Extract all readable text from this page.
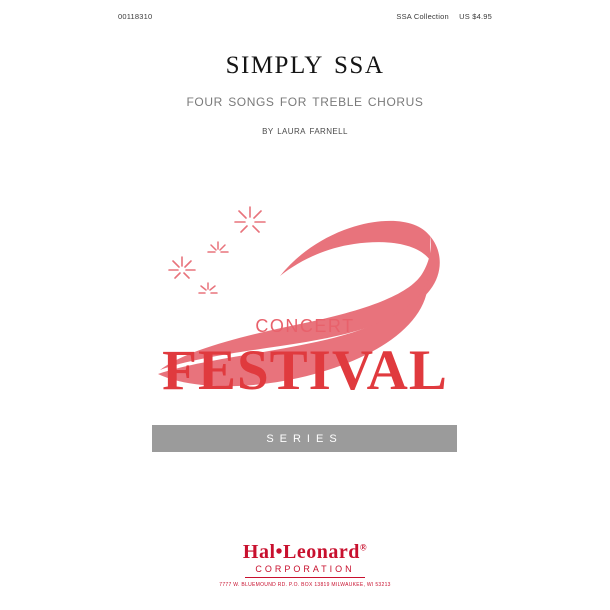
00118310	SSA Collection US $4.95
simply ssa
four songs for treble chorus
by laura farnell
concert
FESTIVAL
series
Hal•Leonard®
CORPORATION
7777 W. BLUEMOUND RD. P.O. BOX 13819 MILWAUKEE, WI 53213
